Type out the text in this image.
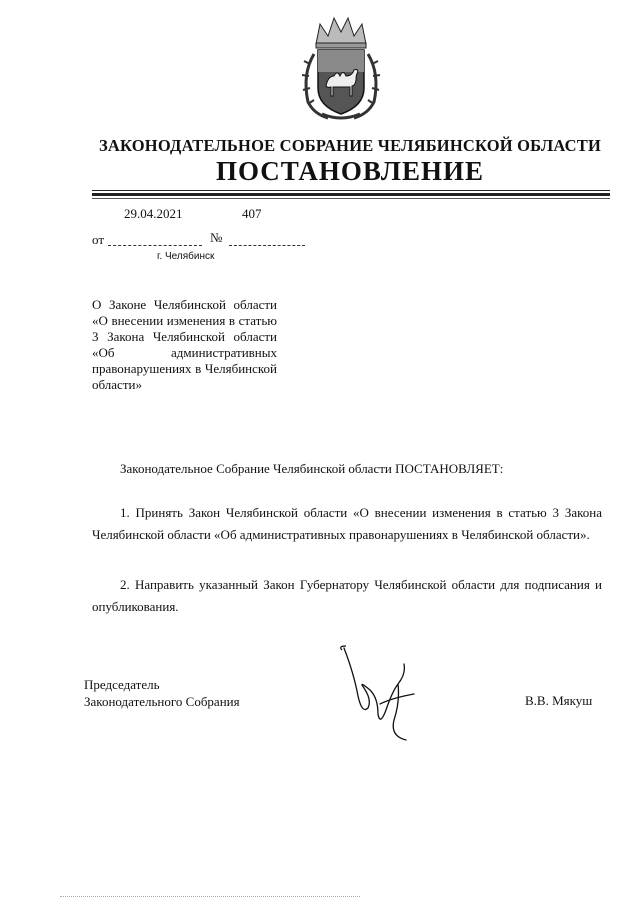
ЗАКОНОДАТЕЛЬНОЕ СОБРАНИЕ ЧЕЛЯБИНСКОЙ ОБЛАСТИ
ПОСТАНОВЛЕНИЕ
29.04.2021	407
от	№
г. Челябинск
О Законе Челябинской области «О внесении изменения в статью 3 Закона Челябинской области «Об административных правонарушениях в Челябинской области»
Законодательное Собрание Челябинской области ПОСТАНОВЛЯЕТ:
1. Принять Закон Челябинской области «О внесении изменения в статью 3 Закона Челябинской области «Об административных правонарушениях в Челябинской области».
2. Направить указанный Закон Губернатору Челябинской области для подписания и опубликования.
Председатель
Законодательного Собрания	В.В. Мякуш
